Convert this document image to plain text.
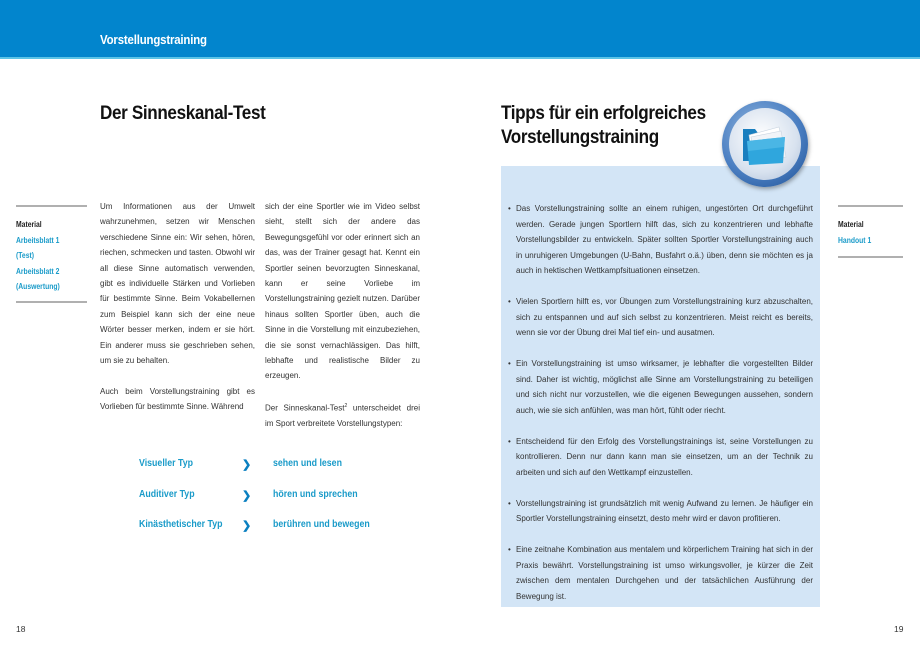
Vorstellungstraining
Der Sinneskanal-Test
Material
Arbeitsblatt 1
(Test)
Arbeitsblatt 2
(Auswertung)

Um Informationen aus der Umwelt wahrzunehmen, setzen wir Menschen verschiedene Sinne ein: Wir sehen, hören, riechen, schmecken und tasten. Obwohl wir all diese Sinne automatisch verwenden, gibt es individuelle Stärken und Vorlieben für bestimmte Sinne. Beim Vokabellernen zum Beispiel kann sich der eine neue Wörter besser merken, indem er sie hört. Ein anderer muss sie geschrieben sehen, um sie zu behalten.

Auch beim Vorstellungstraining gibt es Vorlieben für bestimmte Sinne. Während

sich der eine Sportler wie im Video selbst sieht, stellt sich der andere das Bewegungsgefühl vor oder erinnert sich an das, was der Trainer gesagt hat. Kennt ein Sportler seinen bevorzugten Sinneskanal, kann er seine Vorliebe im Vorstellungstraining gezielt nutzen. Darüber hinaus sollten Sportler üben, auch die Sinne in die Vorstellung mit einzubeziehen, die sie sonst vernachlässigen. Das hilft, lebhafte und realistische Bilder zu erzeugen.

Der Sinneskanal-Test$^2$ unterscheidet drei im Sport verbreitete Vorstellungstypen:

Visueller Typ	❯ sehen und lesen
Auditiver Typ	❯ hören und sprechen
Kinästhetischer Typ ❯ berühren und bewegen
18
Tipps für ein erfolgreiches
Vorstellungstraining
• Das Vorstellungstraining sollte an einem ruhigen, ungestörten Ort durchgeführt werden. Gerade jungen Sportlern hilft das, sich zu konzentrieren und lebhafte Vorstellungsbilder zu entwickeln. Später sollten Sportler Vorstellungstraining auch in unruhigeren Umgebungen (U-Bahn, Busfahrt o.ä.) üben, denn sie möchten es ja auch in hektischen Wettkampfsituationen einsetzen.
• Vielen Sportlern hilft es, vor Übungen zum Vorstellungstraining kurz abzuschalten, sich zu entspannen und auf sich selbst zu konzentrieren. Meist reicht es bereits, wenn sie vor der Übung drei Mal tief ein- und ausatmen.
• Ein Vorstellungstraining ist umso wirksamer, je lebhafter die vorgestellten Bilder sind. Daher ist wichtig, möglichst alle Sinne am Vorstellungstraining zu beteiligen und sich nicht nur vorzustellen, wie die eigenen Bewegungen aussehen, sondern auch, wie sie sich anfühlen, was man hört, fühlt oder riecht.
• Entscheidend für den Erfolg des Vorstellungstrainings ist, seine Vorstellungen zu kontrollieren. Denn nur dann kann man sie einsetzen, um an der Technik zu arbeiten und sich auf den Wettkampf einzustellen.
• Vorstellungstraining ist grundsätzlich mit wenig Aufwand zu lernen. Je häufiger ein Sportler Vorstellungstraining einsetzt, desto mehr wird er davon profitieren.
• Eine zeitnahe Kombination aus mentalem und körperlichem Training hat sich in der Praxis bewährt. Vorstellungstraining ist umso wirkungsvoller, je kürzer die Zeit zwischen dem mentalen Durchgehen und der tatsächlichen Ausführung der Bewegung ist.
Material
Handout 1
19
